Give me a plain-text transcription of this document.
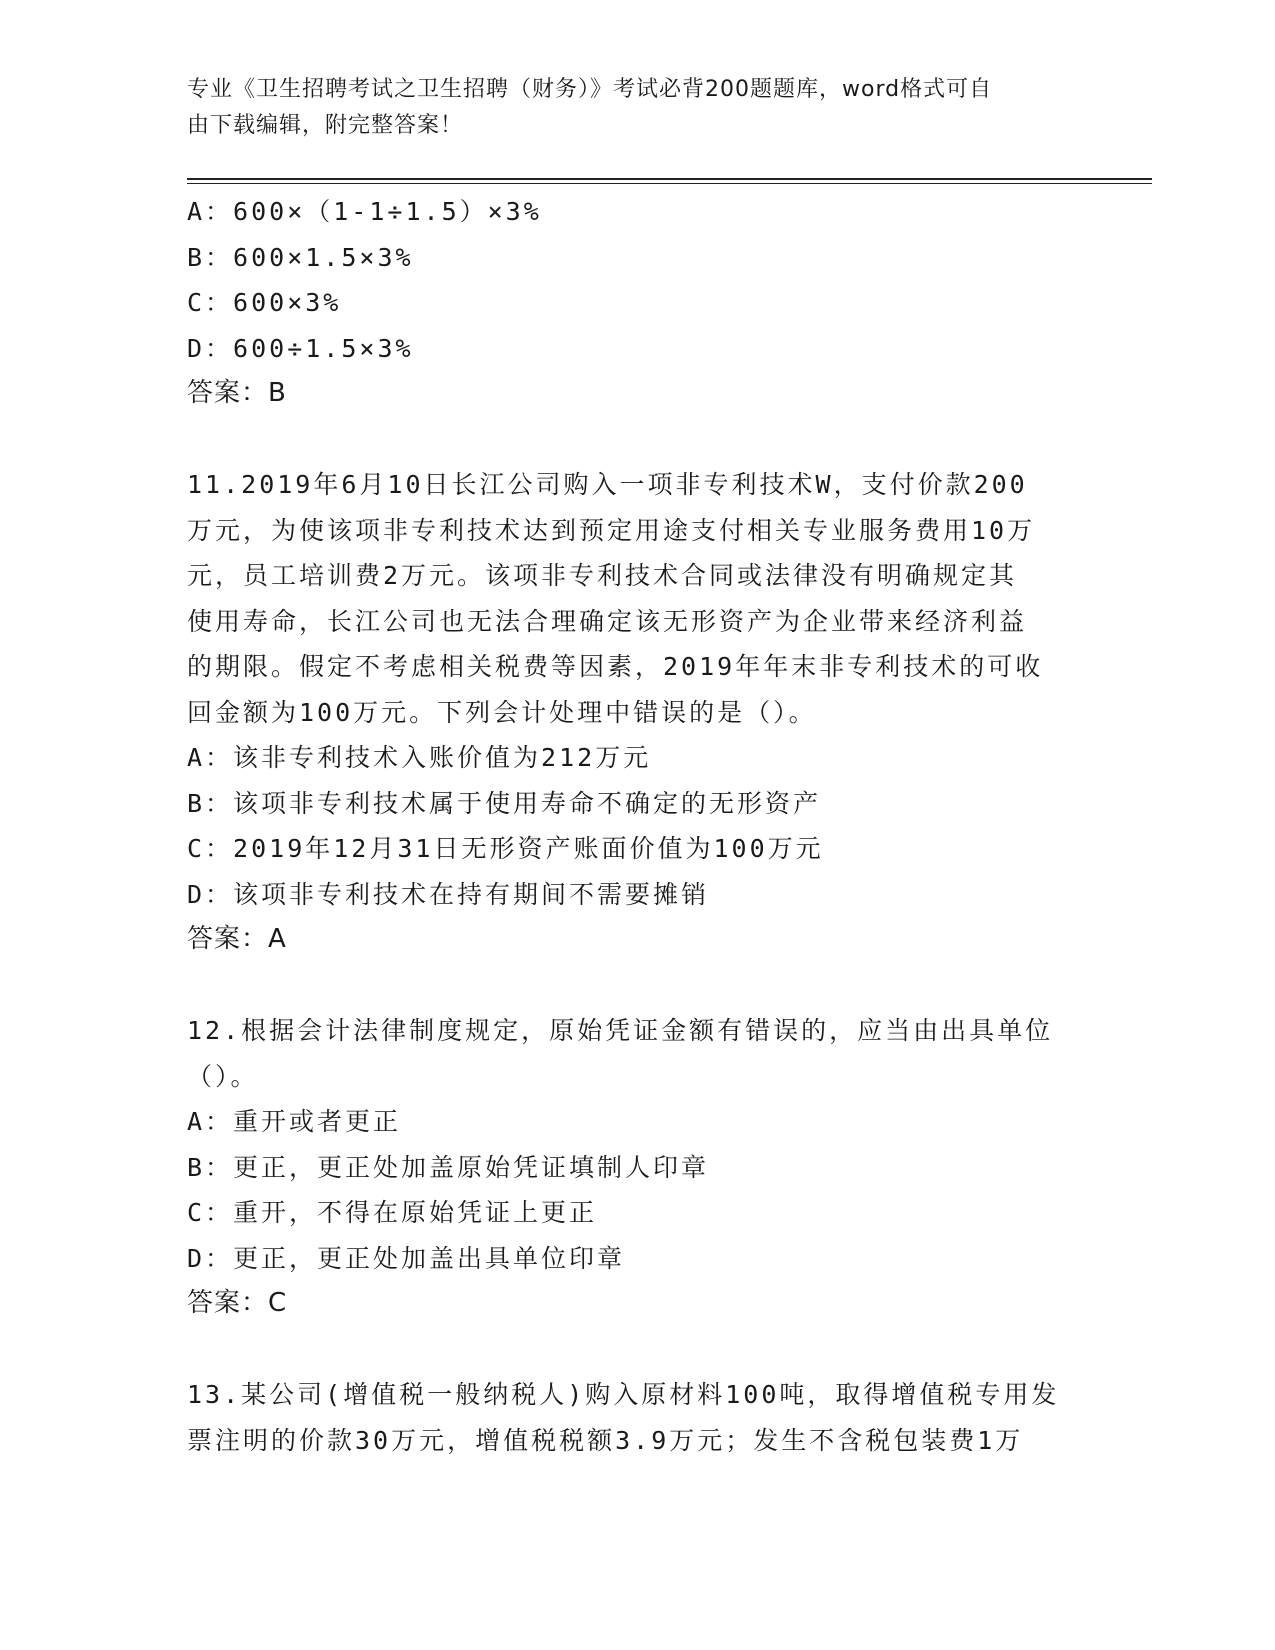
专业《卫生招聘考试之卫生招聘（财务）》考试必背200题题库，word格式可自
由下载编辑，附完整答案！
A：600×（1-1÷1.5）×3%
B：600×1.5×3%
C：600×3%
D：600÷1.5×3%
答案：B
11.2019年6月10日长江公司购入一项非专利技术W，支付价款200
万元，为使该项非专利技术达到预定用途支付相关专业服务费用10万
元，员工培训费2万元。该项非专利技术合同或法律没有明确规定其
使用寿命，长江公司也无法合理确定该无形资产为企业带来经济利益
的期限。假定不考虑相关税费等因素，2019年年末非专利技术的可收
回金额为100万元。下列会计处理中错误的是（）。
A：该非专利技术入账价值为212万元
B：该项非专利技术属于使用寿命不确定的无形资产
C：2019年12月31日无形资产账面价值为100万元
D：该项非专利技术在持有期间不需要摊销
答案：A
12.根据会计法律制度规定，原始凭证金额有错误的，应当由出具单位
（）。
A：重开或者更正
B：更正，更正处加盖原始凭证填制人印章
C：重开，不得在原始凭证上更正
D：更正，更正处加盖出具单位印章
答案：C
13.某公司(增值税一般纳税人)购入原材料100吨，取得增值税专用发
票注明的价款30万元，增值税税额3.9万元；发生不含税包装费1万
